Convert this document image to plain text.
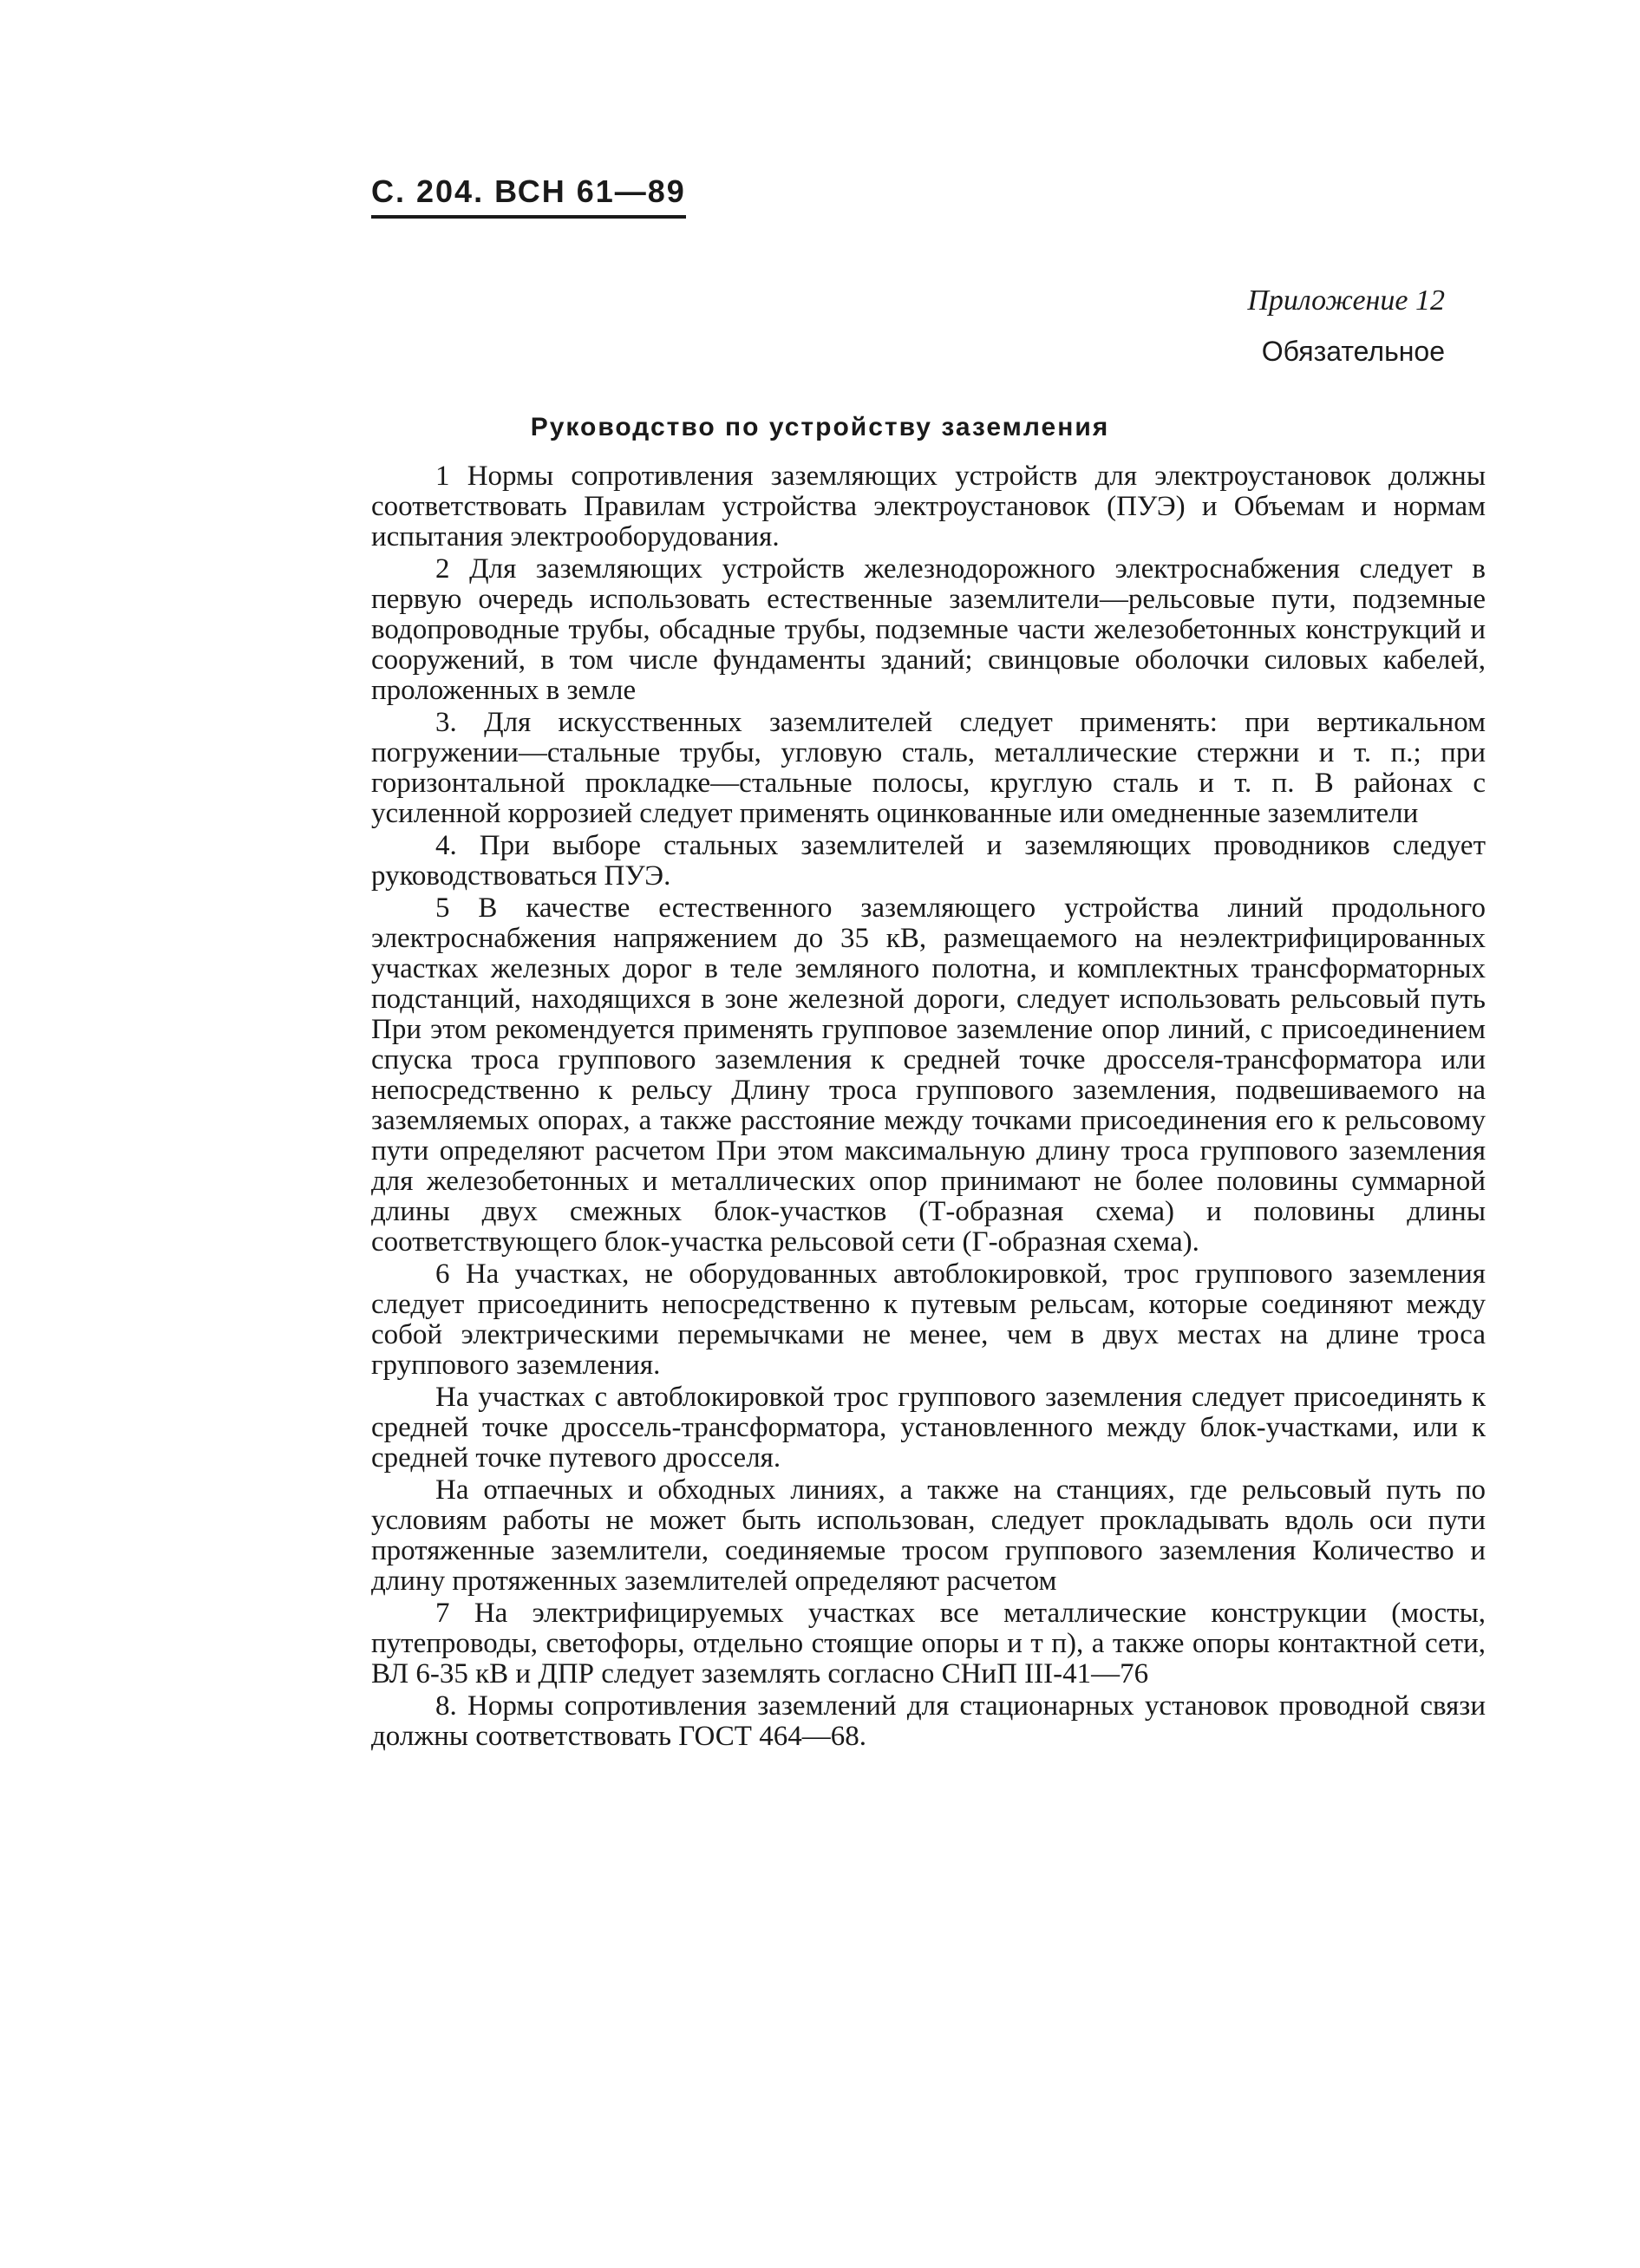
С. 204. ВСН 61—89
Приложение 12
Обязательное
Руководство по устройству заземления

1 Нормы сопротивления заземляющих устройств для электроустановок должны соответствовать Правилам устройства электроустановок (ПУЭ) и Объемам и нормам испытания электрооборудования.

2 Для заземляющих устройств железнодорожного электроснабжения следует в первую очередь использовать естественные заземлители—рельсовые пути, подземные водопроводные трубы, обсадные трубы, подземные части железобетонных конструкций и сооружений, в том числе фундаменты зданий; свинцовые оболочки силовых кабелей, проложенных в земле

3. Для искусственных заземлителей следует применять: при вертикальном погружении—стальные трубы, угловую сталь, металлические стержни и т. п.; при горизонтальной прокладке—стальные полосы, круглую сталь и т. п. В районах с усиленной коррозией следует применять оцинкованные или омедненные заземлители

4. При выборе стальных заземлителей и заземляющих проводников следует руководствоваться ПУЭ.

5 В качестве естественного заземляющего устройства линий продольного электроснабжения напряжением до 35 кВ, размещаемого на неэлектрифицированных участках железных дорог в теле земляного полотна, и комплектных трансформаторных подстанций, находящихся в зоне железной дороги, следует использовать рельсовый путь При этом рекомендуется применять групповое заземление опор линий, с присоединением спуска троса группового заземления к средней точке дросселя-трансформатора или непосредственно к рельсу Длину троса группового заземления, подвешиваемого на заземляемых опорах, а также расстояние между точками присоединения его к рельсовому пути определяют расчетом При этом максимальную длину троса группового заземления для железобетонных и металлических опор принимают не более половины суммарной длины двух смежных блок-участков (Т-образная схема) и половины длины соответствующего блок-участка рельсовой сети (Г-образная схема).

6 На участках, не оборудованных автоблокировкой, трос группового заземления следует присоединить непосредственно к путевым рельсам, которые соединяют между собой электрическими перемычками не менее, чем в двух местах на длине троса группового заземления.

На участках с автоблокировкой трос группового заземления следует присоединять к средней точке дроссель-трансформатора, установленного между блок-участками, или к средней точке путевого дросселя.

На отпаечных и обходных линиях, а также на станциях, где рельсовый путь по условиям работы не может быть использован, следует прокладывать вдоль оси пути протяженные заземлители, соединяемые тросом группового заземления Количество и длину протяженных заземлителей определяют расчетом

7 На электрифицируемых участках все металлические конструкции (мосты, путепроводы, светофоры, отдельно стоящие опоры и т п), а также опоры контактной сети, ВЛ 6-35 кВ и ДПР следует заземлять согласно СНиП III-41—76

8. Нормы сопротивления заземлений для стационарных установок проводной связи должны соответствовать ГОСТ 464—68.
